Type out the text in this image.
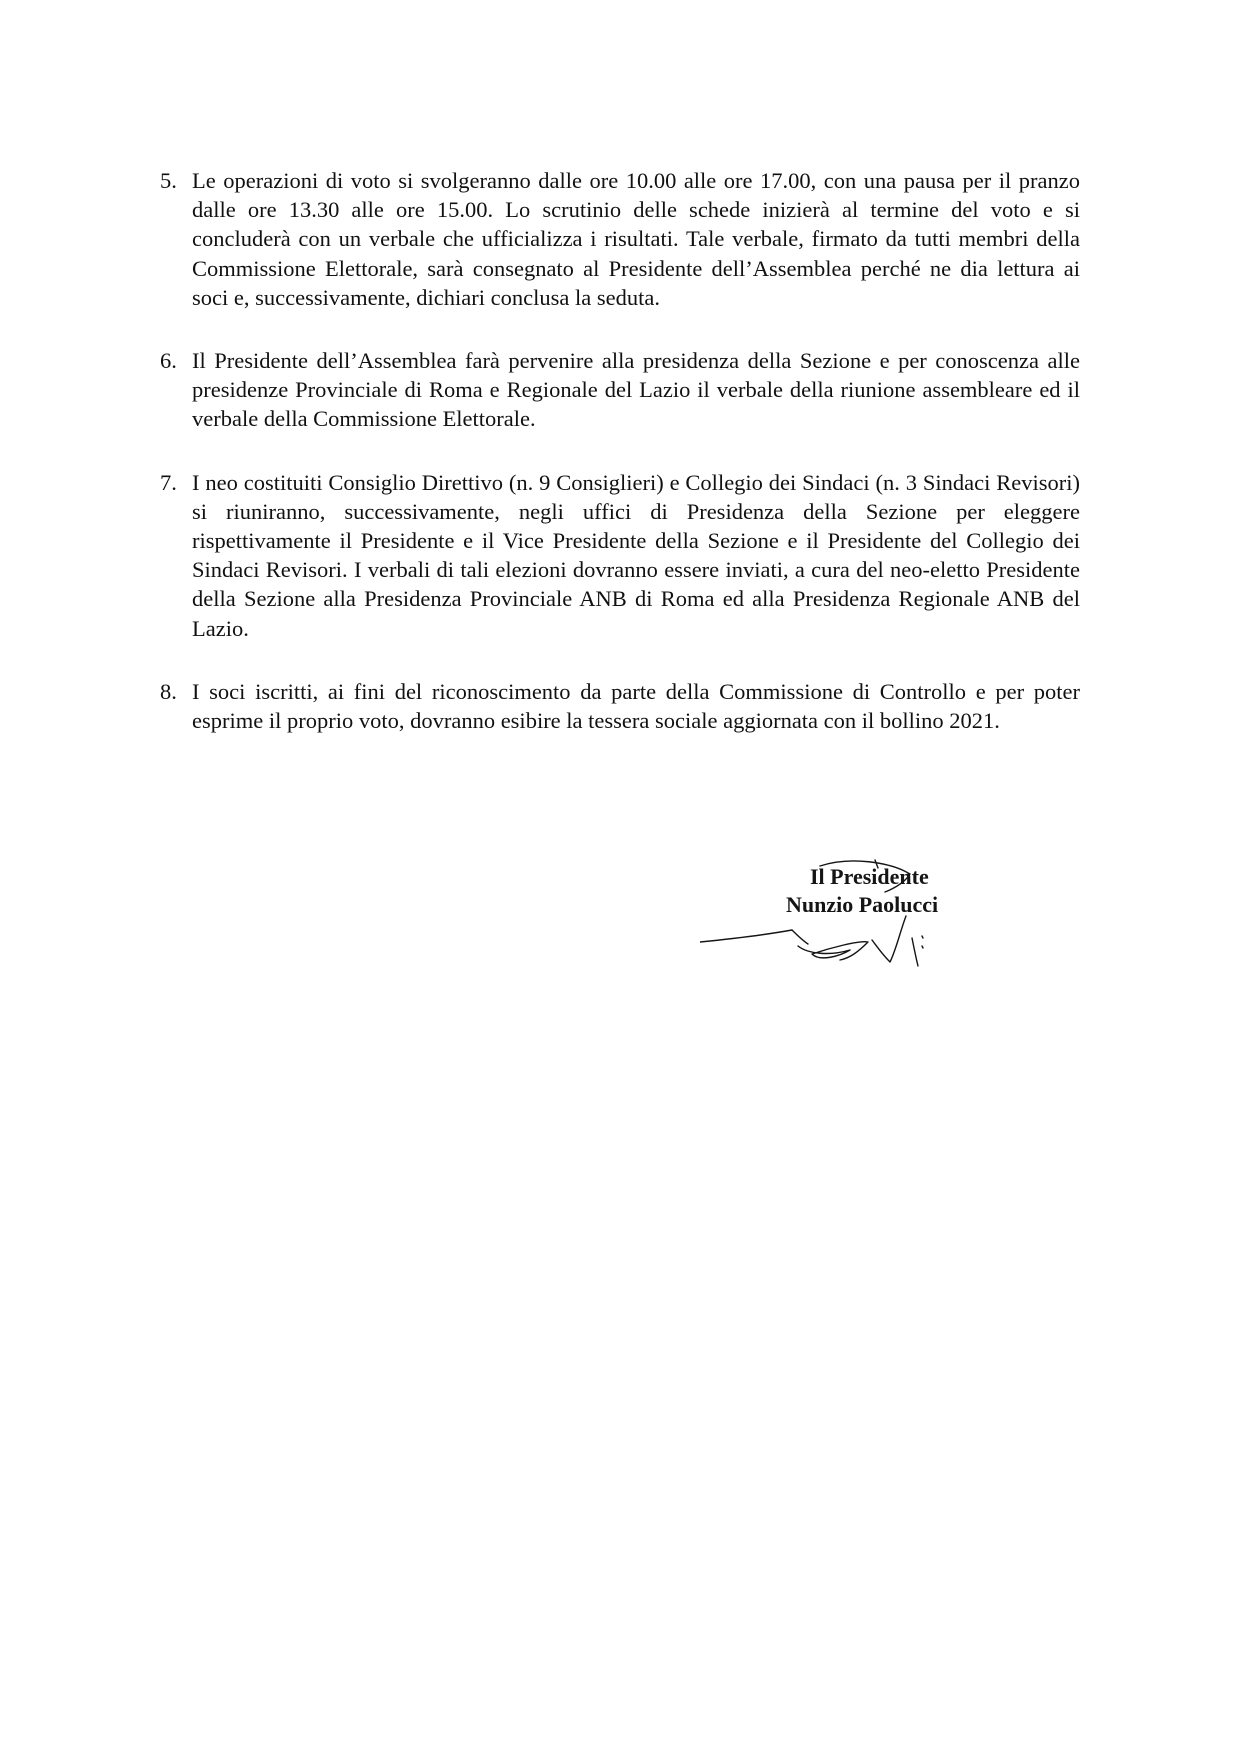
5. Le operazioni di voto si svolgeranno dalle ore 10.00 alle ore 17.00, con una pausa per il pranzo dalle ore 13.30 alle ore 15.00. Lo scrutinio delle schede inizierà al termine del voto e si concluderà con un verbale che ufficializza i risultati. Tale verbale, firmato da tutti membri della Commissione Elettorale, sarà consegnato al Presidente dell’Assemblea perché ne dia lettura ai soci e, successivamente, dichiari conclusa la seduta.
6. Il Presidente dell’Assemblea farà pervenire alla presidenza della Sezione e per conoscenza alle presidenze Provinciale di Roma e Regionale del Lazio il verbale della riunione assembleare ed il verbale della Commissione Elettorale.
7. I neo costituiti Consiglio Direttivo (n. 9 Consiglieri) e Collegio dei Sindaci (n. 3 Sindaci Revisori) si riuniranno, successivamente, negli uffici di Presidenza della Sezione per eleggere rispettivamente il Presidente e il Vice Presidente della Sezione e il Presidente del Collegio dei Sindaci Revisori. I verbali di tali elezioni dovranno essere inviati, a cura del neo-eletto Presidente della Sezione alla Presidenza Provinciale ANB di Roma ed alla Presidenza Regionale ANB del Lazio.
8. I soci iscritti, ai fini del riconoscimento da parte della Commissione di Controllo e per poter esprime il proprio voto, dovranno esibire la tessera sociale aggiornata con il bollino 2021.
Il Presidente
Nunzio Paolucci
